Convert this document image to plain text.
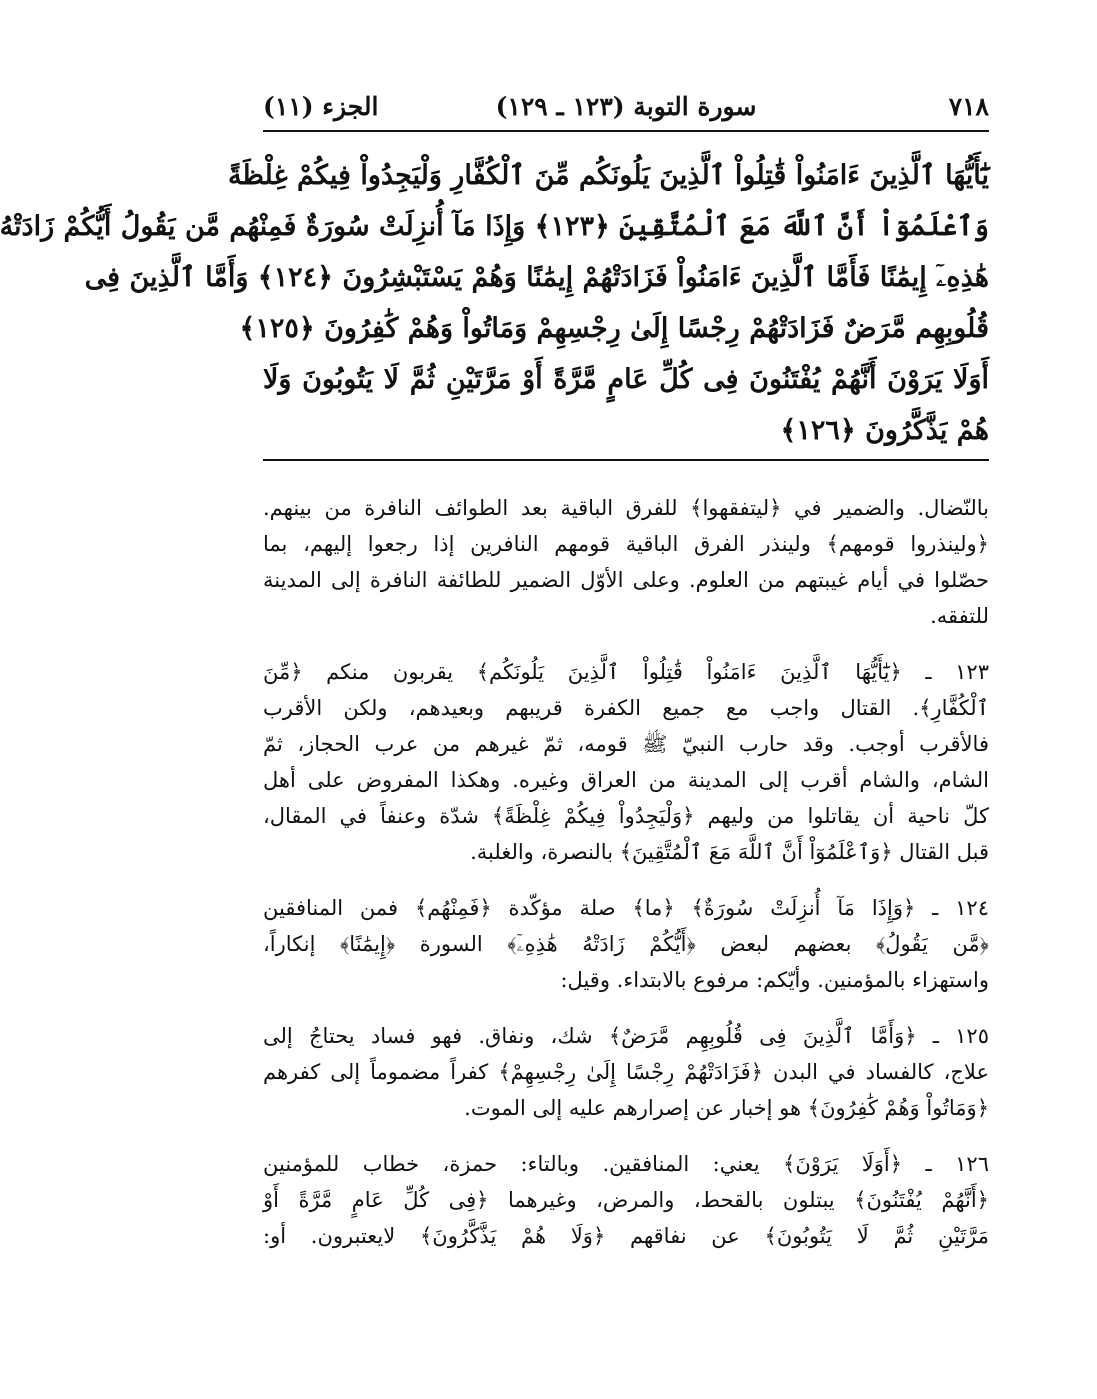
٧١٨
سورة التوبة (١٢٣ ـ ١٢٩)
الجزء (١١)
يَٰٓأَيُّهَا ٱلَّذِينَ ءَامَنُواْ قَٰتِلُواْ ٱلَّذِينَ يَلُونَكُم مِّنَ ٱلْكُفَّارِ وَلْيَجِدُواْ فِيكُمْ غِلْظَةً
وَٱعْلَمُوٓاْ أَنَّ ٱللَّهَ مَعَ ٱلْمُتَّقِينَ ﴿١٢٣﴾ وَإِذَا مَآ أُنزِلَتْ سُورَةٌ فَمِنْهُم مَّن يَقُولُ أَيُّكُمْ زَادَتْهُ
هَٰذِهِۦٓ إِيمَٰنًا فَأَمَّا ٱلَّذِينَ ءَامَنُواْ فَزَادَتْهُمْ إِيمَٰنًا وَهُمْ يَسْتَبْشِرُونَ ﴿١٢٤﴾ وَأَمَّا ٱلَّذِينَ فِى
قُلُوبِهِم مَّرَضٌ فَزَادَتْهُمْ رِجْسًا إِلَىٰ رِجْسِهِمْ وَمَاتُواْ وَهُمْ كَٰفِرُونَ ﴿١٢٥﴾
أَوَلَا يَرَوْنَ أَنَّهُمْ يُفْتَنُونَ فِى كُلِّ عَامٍ مَّرَّةً أَوْ مَرَّتَيْنِ ثُمَّ لَا يَتُوبُونَ وَلَا
هُمْ يَذَّكَّرُونَ ﴿١٢٦﴾
بالنّضال. والضمير في ﴿ليتفقهوا﴾ للفرق الباقية بعد الطوائف النافرة من بينهم.
﴿ولينذروا قومهم﴾ ولينذر الفرق الباقية قومهم النافرين إذا رجعوا إليهم، بما
حصّلوا في أيام غيبتهم من العلوم. وعلى الأوّل الضمير للطائفة النافرة إلى المدينة
للتفقه.
١٢٣ ـ ﴿يَٰٓأَيُّهَا ٱلَّذِينَ ءَامَنُواْ قَٰتِلُواْ ٱلَّذِينَ يَلُونَكُم﴾ يقربون منكم ﴿مِّنَ
ٱلْكُفَّارِ﴾. القتال واجب مع جميع الكفرة قريبهم وبعيدهم، ولكن الأقرب
فالأقرب أوجب. وقد حارب النبيّ ﷺ قومه، ثمّ غيرهم من عرب الحجاز، ثمّ
الشام، والشام أقرب إلى المدينة من العراق وغيره. وهكذا المفروض على أهل
كلّ ناحية أن يقاتلوا من وليهم ﴿وَلْيَجِدُواْ فِيكُمْ غِلْظَةً﴾ شدّة وعنفاً في المقال،
قبل القتال ﴿وَٱعْلَمُوٓاْ أَنَّ ٱللَّهَ مَعَ ٱلْمُتَّقِينَ﴾ بالنصرة، والغلبة.
١٢٤ ـ ﴿وَإِذَا مَآ أُنزِلَتْ سُورَةٌ﴾ ﴿ما﴾ صلة مؤكّدة ﴿فَمِنْهُم﴾ فمن المنافقين
﴿مَّن يَقُولُ﴾ بعضهم لبعض ﴿أَيُّكُمْ زَادَتْهُ هَٰذِهِۦٓ﴾ السورة ﴿إِيمَٰنًا﴾ إنكاراً،
واستهزاء بالمؤمنين. وأيّكم: مرفوع بالابتداء. وقيل:
١٢٥ ـ ﴿وَأَمَّا ٱلَّذِينَ فِى قُلُوبِهِم مَّرَضٌ﴾ شك، ونفاق. فهو فساد يحتاجُ إلى
علاج، كالفساد في البدن ﴿فَزَادَتْهُمْ رِجْسًا إِلَىٰ رِجْسِهِمْ﴾ كفراً مضموماً إلى كفرهم
﴿وَمَاتُواْ وَهُمْ كَٰفِرُونَ﴾ هو إخبار عن إصرارهم عليه إلى الموت.
١٢٦ ـ ﴿أَوَلَا يَرَوْنَ﴾ يعني: المنافقين. وبالتاء: حمزة، خطاب للمؤمنين
﴿أَنَّهُمْ يُفْتَنُونَ﴾ يبتلون بالقحط، والمرض، وغيرهما ﴿فِى كُلِّ عَامٍ مَّرَّةً أَوْ
مَرَّتَيْنِ ثُمَّ لَا يَتُوبُونَ﴾ عن نفاقهم ﴿وَلَا هُمْ يَذَّكَّرُونَ﴾ لايعتبرون. أو:
